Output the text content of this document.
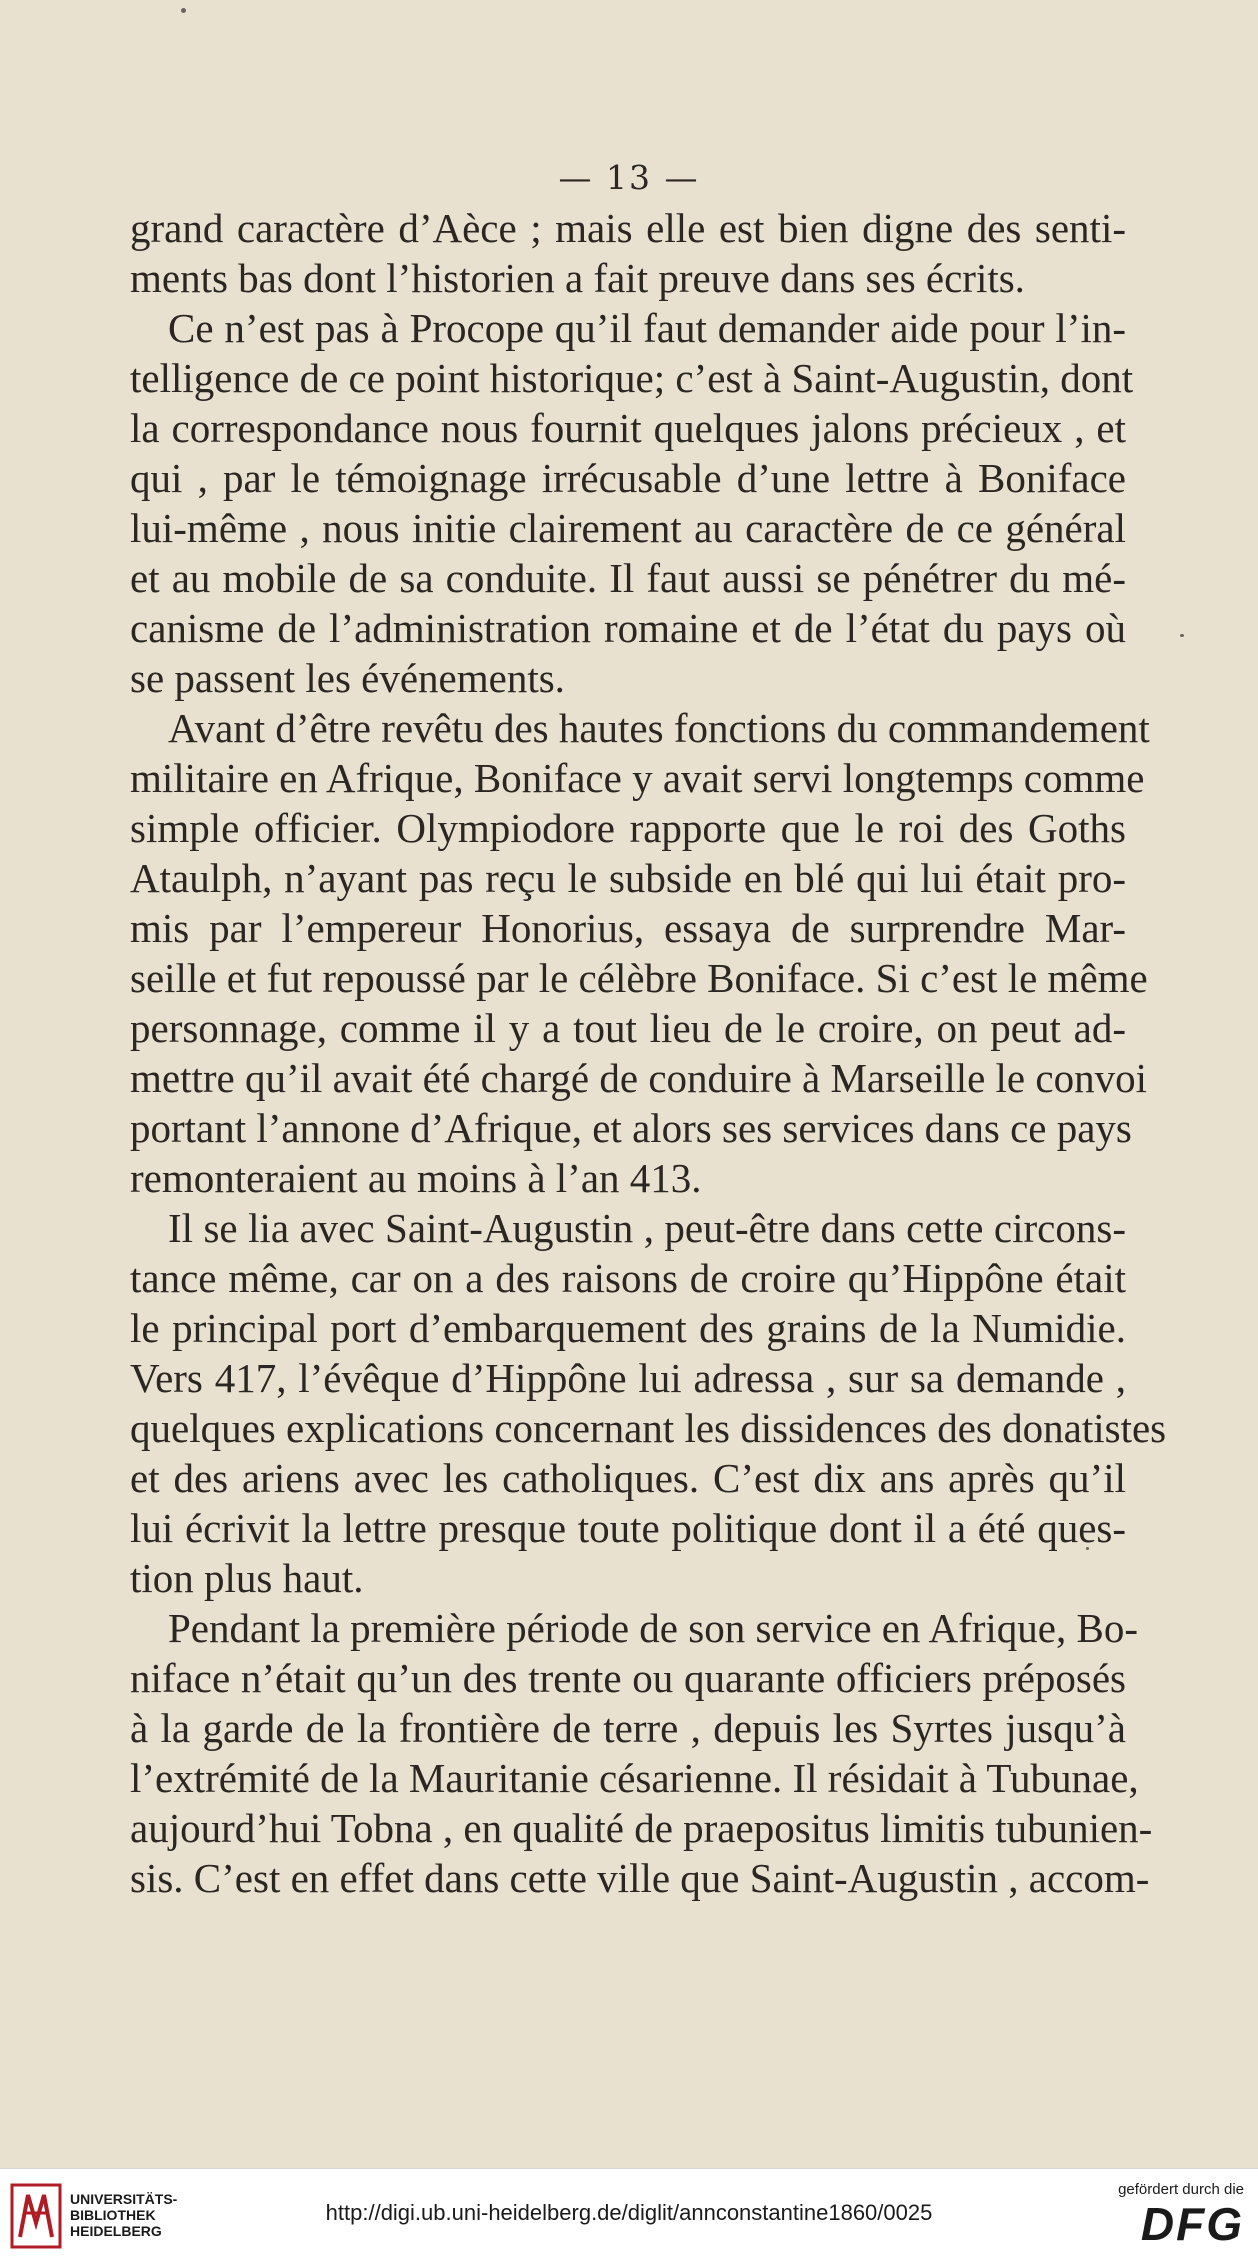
— 13 —
grand caractère d’Aèce ; mais elle est bien digne des senti-
ments bas dont l’historien a fait preuve dans ses écrits.
Ce n’est pas à Procope qu’il faut demander aide pour l’in-
telligence de ce point historique; c’est à Saint-Augustin, dont
la correspondance nous fournit quelques jalons précieux , et
qui , par le témoignage irrécusable d’une lettre à Boniface
lui-même , nous initie clairement au caractère de ce général
et au mobile de sa conduite. Il faut aussi se pénétrer du mé-
canisme de l’administration romaine et de l’état du pays où
se passent les événements.
Avant d’être revêtu des hautes fonctions du commandement
militaire en Afrique, Boniface y avait servi longtemps comme
simple officier. Olympiodore rapporte que le roi des Goths
Ataulph, n’ayant pas reçu le subside en blé qui lui était pro-
mis par l’empereur Honorius, essaya de surprendre Mar-
seille et fut repoussé par le célèbre Boniface. Si c’est le même
personnage, comme il y a tout lieu de le croire, on peut ad-
mettre qu’il avait été chargé de conduire à Marseille le convoi
portant l’annone d’Afrique, et alors ses services dans ce pays
remonteraient au moins à l’an 413.
Il se lia avec Saint-Augustin , peut-être dans cette circons-
tance même, car on a des raisons de croire qu’Hippône était
le principal port d’embarquement des grains de la Numidie.
Vers 417, l’évêque d’Hippône lui adressa , sur sa demande ,
quelques explications concernant les dissidences des donatistes
et des ariens avec les catholiques. C’est dix ans après qu’il
lui écrivit la lettre presque toute politique dont il a été ques-
tion plus haut.
Pendant la première période de son service en Afrique, Bo-
niface n’était qu’un des trente ou quarante officiers préposés
à la garde de la frontière de terre , depuis les Syrtes jusqu’à
l’extrémité de la Mauritanie césarienne. Il résidait à Tubunae,
aujourd’hui Tobna , en qualité de praepositus limitis tubunien-
sis. C’est en effet dans cette ville que Saint-Augustin , accom-
UNIVERSITÄTS-
BIBLIOTHEK
HEIDELBERG
http://digi.ub.uni-heidelberg.de/diglit/annconstantine1860/0025
gefördert durch die
DFG
